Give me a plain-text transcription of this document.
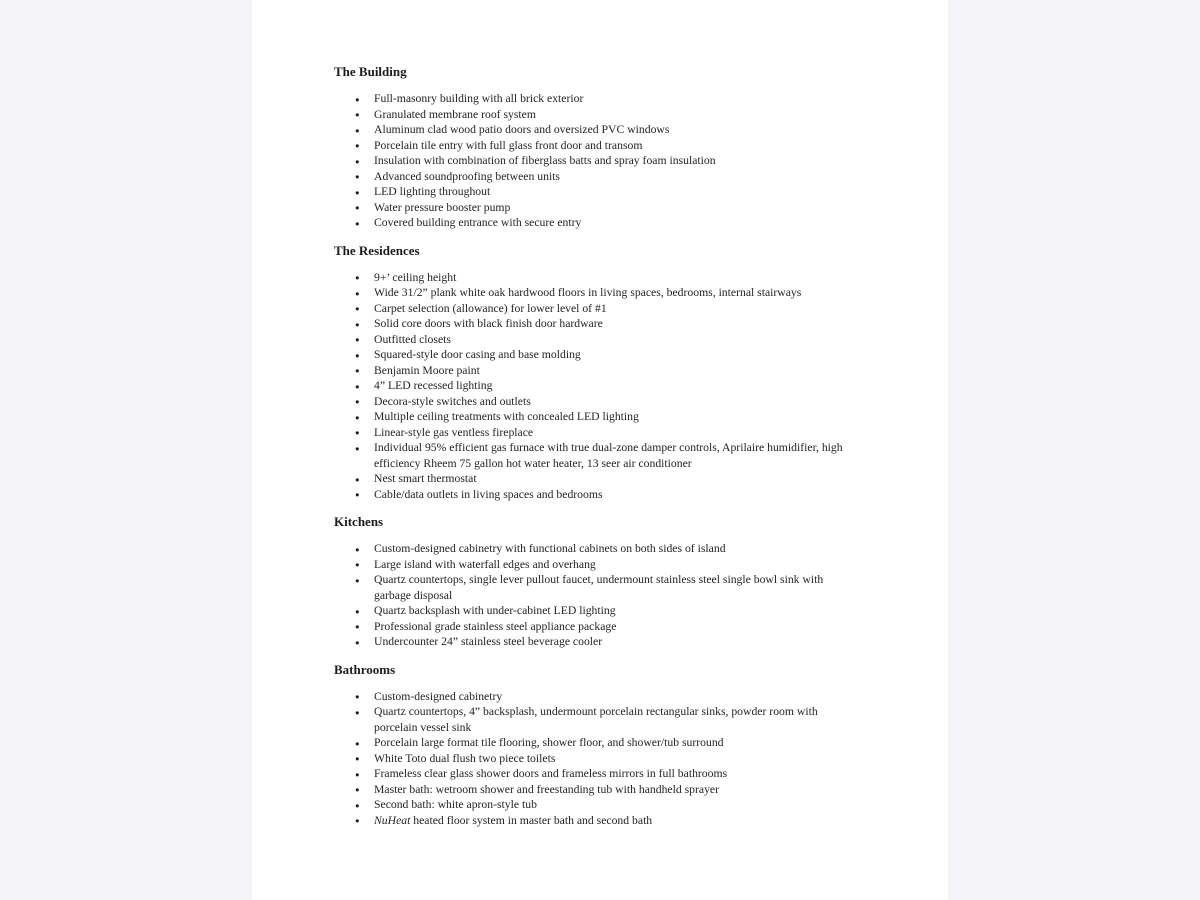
The Building
● Full-masonry building with all brick exterior
● Granulated membrane roof system
● Aluminum clad wood patio doors and oversized PVC windows
● Porcelain tile entry with full glass front door and transom
● Insulation with combination of fiberglass batts and spray foam insulation
● Advanced soundproofing between units
● LED lighting throughout
● Water pressure booster pump
● Covered building entrance with secure entry
The Residences
● 9+’ ceiling height
● Wide 31/2” plank white oak hardwood floors in living spaces, bedrooms, internal stairways
● Carpet selection (allowance) for lower level of #1
● Solid core doors with black finish door hardware
● Outfitted closets
● Squared-style door casing and base molding
● Benjamin Moore paint
● 4” LED recessed lighting
● Decora-style switches and outlets
● Multiple ceiling treatments with concealed LED lighting
● Linear-style gas ventless fireplace
● Individual 95% efficient gas furnace with true dual-zone damper controls, Aprilaire humidifier, high efficiency Rheem 75 gallon hot water heater, 13 seer air conditioner
● Nest smart thermostat
● Cable/data outlets in living spaces and bedrooms
Kitchens
● Custom-designed cabinetry with functional cabinets on both sides of island
● Large island with waterfall edges and overhang
● Quartz countertops, single lever pullout faucet, undermount stainless steel single bowl sink with garbage disposal
● Quartz backsplash with under-cabinet LED lighting
● Professional grade stainless steel appliance package
● Undercounter 24” stainless steel beverage cooler
Bathrooms
● Custom-designed cabinetry
● Quartz countertops, 4” backsplash, undermount porcelain rectangular sinks, powder room with porcelain vessel sink
● Porcelain large format tile flooring, shower floor, and shower/tub surround
● White Toto dual flush two piece toilets
● Frameless clear glass shower doors and frameless mirrors in full bathrooms
● Master bath: wetroom shower and freestanding tub with handheld sprayer
● Second bath: white apron-style tub
● NuHeat heated floor system in master bath and second bath
